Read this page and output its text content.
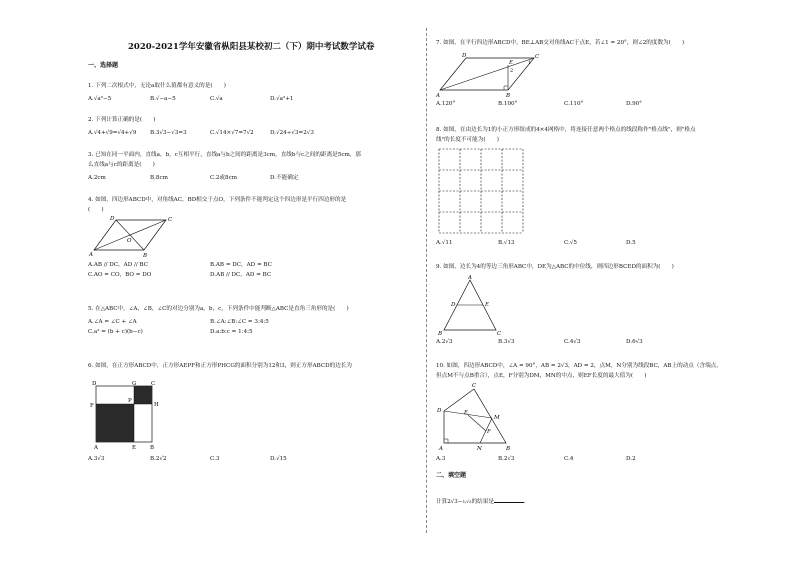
2020-2021学年安徽省枞阳县某校初二（下）期中考试数学试卷
一、选择题
1. 下列二次根式中，无论a取什么值都有意义的是(　　)
A.√a²−5	B.√−a−5	C.√a	D.√a²+1
2. 下列计算正确的是(　　)
A.√4+√9=√4+√9 B.3√3−√3=3	C.√14×√7=7√2	D.√24÷√3=2√3
3. 已知在同一平面内，直线a，b，c互相平行，直线a与b之间的距离是3cm，直线b与c之间的距离是5cm，那
么直线a与c的距离是(　　)
A.2cm	B.8cm	C.2或8cm	D.不能确定
4. 如图，四边形ABCD中，对角线AC，BD相交于点O，下列条件不能判定这个四边形是平行四边形的是
(　　)
D	C
O
A	B
A.AB // DC，AD // BC	B.AB = DC，AD = BC
C.AO = CO，BO = DO	D.AB // DC，AD = BC
5. 在△ABC中，∠A，∠B，∠C的对边分别为a，b，c，下列条件中能判断△ABC是直角三角形的是(　　)
A.∠A = ∠C + ∠A	B.∠A:∠B:∠C = 3:4:5
C.a² = (b + c)(b−c)	D.a:b:c = 1:4:5
6. 如图，在正方形ABCD中，正方形AEPF和正方形PHCG的面积分别为12和3，则正方形ABCD的边长为
D	G	C
H
F
P
A	E	B
A.3√3	B.2√2	C.3	D.√15
7. 如图，在平行四边形ABCD中，BE⊥AB交对角线AC于点E，若∠1 = 20°，则∠2的度数为(　　)
D
E
C
2
1
A	B
A.120°	B.100°	C.110°	D.90°
8. 如图，在由边长为1的小正方形组成的4×4网格中，将连接任意两个格点的线段称作"格点线"，则"格点
线"的长度不可能为(　　)
A.√11	B.√13	C.√5	D.5
9. 如图，边长为4的等边三角形ABC中，DE为△ABC的中位线，则四边形BCED的面积为(　　)
A
D	E
B	C
A.2√3	B.3√3	C.4√3	D.6√3
10. 如图，四边形ABCD中，∠A = 90°，AB = 2√3，AD = 2，点M，N分别为线段BC，AB上的动点（含端点，
但点M不与点B重合），点E，F分别为DM，MN的中点，则EF长度的最大值为(　　)
C
D	E
M
F
A	N	B
A.3	B.2√3	C.4	D.2
二、填空题
计算2√3−1/√3的结果是	.
